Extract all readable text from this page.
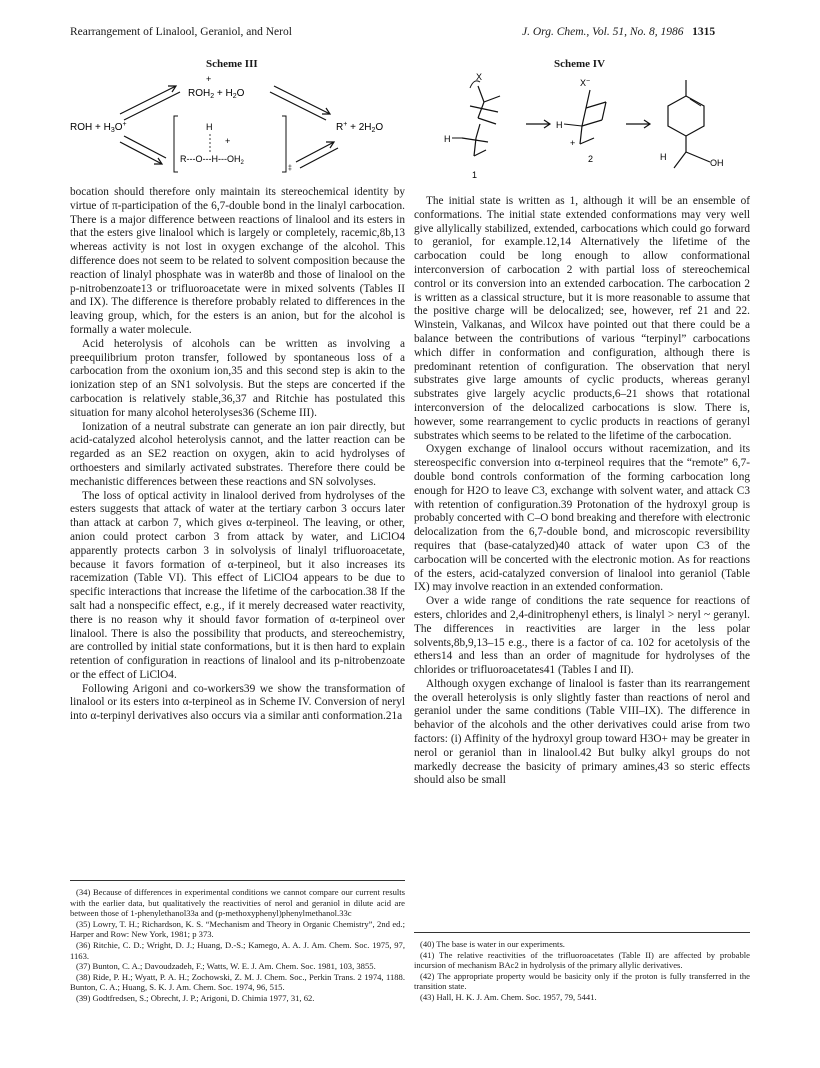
Rearrangement of Linalool, Geraniol, and Nerol	J. Org. Chem., Vol. 51, No. 8, 1986 1315
Scheme III
ROH + $H_3O^+$
+
$ROH_2 + H_2O$
$R^+ + 2H_2O$
‡
H
+
$R---O---H---OH_2$
Scheme IV
X
H
1
X−
H
+
2	OH
H

bocation should therefore only maintain its stereochemical identity by virtue of π-participation of the 6,7-double bond in the linalyl carbocation. There is a major difference between reactions of linalool and its esters in that the esters give linalool which is largely or completely, racemic,8b,13 whereas activity is not lost in oxygen exchange of the alcohol. This difference does not seem to be related to solvent composition because the reaction of linalyl phosphate was in water8b and those of linalool on the p-nitrobenzoate13 or trifluoroacetate were in mixed solvents (Tables II and IX). The difference is therefore probably related to differences in the leaving group, which, for the esters is an anion, but for the alcohol is formally a water molecule.

Acid heterolysis of alcohols can be written as involving a preequilibrium proton transfer, followed by spontaneous loss of a carbocation from the oxonium ion,35 and this second step is akin to the ionization step of an SN1 solvolysis. But the steps are concerted if the carbocation is relatively stable,36,37 and Ritchie has postulated this situation for many alcohol heterolyses36 (Scheme III).

Ionization of a neutral substrate can generate an ion pair directly, but acid-catalyzed alcohol heterolysis cannot, and the latter reaction can be regarded as an SE2 reaction on oxygen, akin to acid hydrolyses of orthoesters and similarly activated substrates. Therefore there could be mechanistic differences between these reactions and SN solvolyses.

The loss of optical activity in linalool derived from hydrolyses of the esters suggests that attack of water at the tertiary carbon 3 occurs later than attack at carbon 7, which gives α-terpineol. The leaving, or other, anion could protect carbon 3 from attack by water, and LiClO4 apparently protects carbon 3 in solvolysis of linalyl trifluoroacetate, because it favors formation of α-terpineol, but it also increases its racemization (Table VI). This effect of LiClO4 appears to be due to specific interactions that increase the lifetime of the carbocation.38 If the salt had a nonspecific effect, e.g., if it merely decreased water reactivity, there is no reason why it should favor formation of α-terpineol over linalool. There is also the possibility that products, and stereochemistry, are controlled by initial state conformations, but it is then hard to explain retention of configuration in reactions of linalool and its p-nitrobenzoate or the effect of LiClO4.

Following Arigoni and co-workers39 we show the transformation of linalool or its esters into α-terpineol as in Scheme IV. Conversion of neryl into α-terpinyl derivatives also occurs via a similar anti conformation.21a

The initial state is written as 1, although it will be an ensemble of conformations. The initial state extended conformations may very well give allylically stabilized, extended, carbocations which could go forward to geraniol, for example.12,14 Alternatively the lifetime of the carbocation could be long enough to allow conformational interconversion of carbocation 2 with partial loss of stereochemical control or its conversion into an extended carbocation. The carbocation 2 is written as a classical structure, but it is more reasonable to assume that the positive charge will be delocalized; see, however, ref 21 and 22. Winstein, Valkanas, and Wilcox have pointed out that there could be a balance between the contributions of various “terpinyl” carbocations which differ in conformation and configuration, although there is predominant retention of configuration. The observation that neryl substrates give large amounts of cyclic products, whereas geranyl substrates give largely acyclic products,6–21 shows that rotational interconversion of the delocalized carbocations is slow. There is, however, some rearrangement to cyclic products in reactions of geranyl substrates which seems to be related to the lifetime of the carbocation.

Oxygen exchange of linalool occurs without racemization, and its stereospecific conversion into α-terpineol requires that the “remote” 6,7-double bond controls conformation of the forming carbocation long enough for H2O to leave C3, exchange with solvent water, and attack C3 with retention of configuration.39 Protonation of the hydroxyl group is probably concerted with C–O bond breaking and therefore with electronic delocalization from the 6,7-double bond, and microscopic reversibility requires that (base-catalyzed)40 attack of water upon C3 of the carbocation will be concerted with the electronic motion. As for reactions of the esters, acid-catalyzed conversion of linalool into geraniol (Table IX) may involve reaction in an extended conformation.

Over a wide range of conditions the rate sequence for reactions of esters, chlorides and 2,4-dinitrophenyl ethers, is linalyl > neryl ~ geranyl. The differences in reactivities are larger in the less polar solvents,8b,9,13–15 e.g., there is a factor of ca. 102 for acetolysis of the ethers14 and less than an order of magnitude for hydrolyses of the chlorides or trifluoroacetates41 (Tables I and II).

Although oxygen exchange of linalool is faster than its rearrangement the overall heterolysis is only slightly faster than reactions of nerol and geraniol under the same conditions (Table VIII–IX). The difference in behavior of the alcohols and the other derivatives could arise from two factors: (i) Affinity of the hydroxyl group toward H3O+ may be greater in nerol or geraniol than in linalool.42 But bulky alkyl groups do not markedly decrease the basicity of primary amines,43 so steric effects should also be small

(34) Because of differences in experimental conditions we cannot compare our current results with the earlier data, but qualitatively the reactivities of nerol and geraniol in dilute acid are between those of 1-phenylethanol33a and (p-methoxyphenyl)phenylmethanol.33c

(35) Lowry, T. H.; Richardson, K. S. “Mechanism and Theory in Organic Chemistry”, 2nd ed.; Harper and Row: New York, 1981; p 373.

(36) Ritchie, C. D.; Wright, D. J.; Huang, D.-S.; Kamego, A. A. J. Am. Chem. Soc. 1975, 97, 1163.

(37) Bunton, C. A.; Davoudzadeh, F.; Watts, W. E. J. Am. Chem. Soc. 1981, 103, 3855.

(38) Ride, P. H.; Wyatt, P. A. H.; Zochowski, Z. M. J. Chem. Soc., Perkin Trans. 2 1974, 1188. Bunton, C. A.; Huang, S. K. J. Am. Chem. Soc. 1974, 96, 515.

(39) Godtfredsen, S.; Obrecht, J. P.; Arigoni, D. Chimia 1977, 31, 62.

(40) The base is water in our experiments.

(41) The relative reactivities of the trifluoroacetates (Table II) are affected by probable incursion of mechanism BAc2 in hydrolysis of the primary allylic derivatives.

(42) The appropriate property would be basicity only if the proton is fully transferred in the transition state.

(43) Hall, H. K. J. Am. Chem. Soc. 1957, 79, 5441.
